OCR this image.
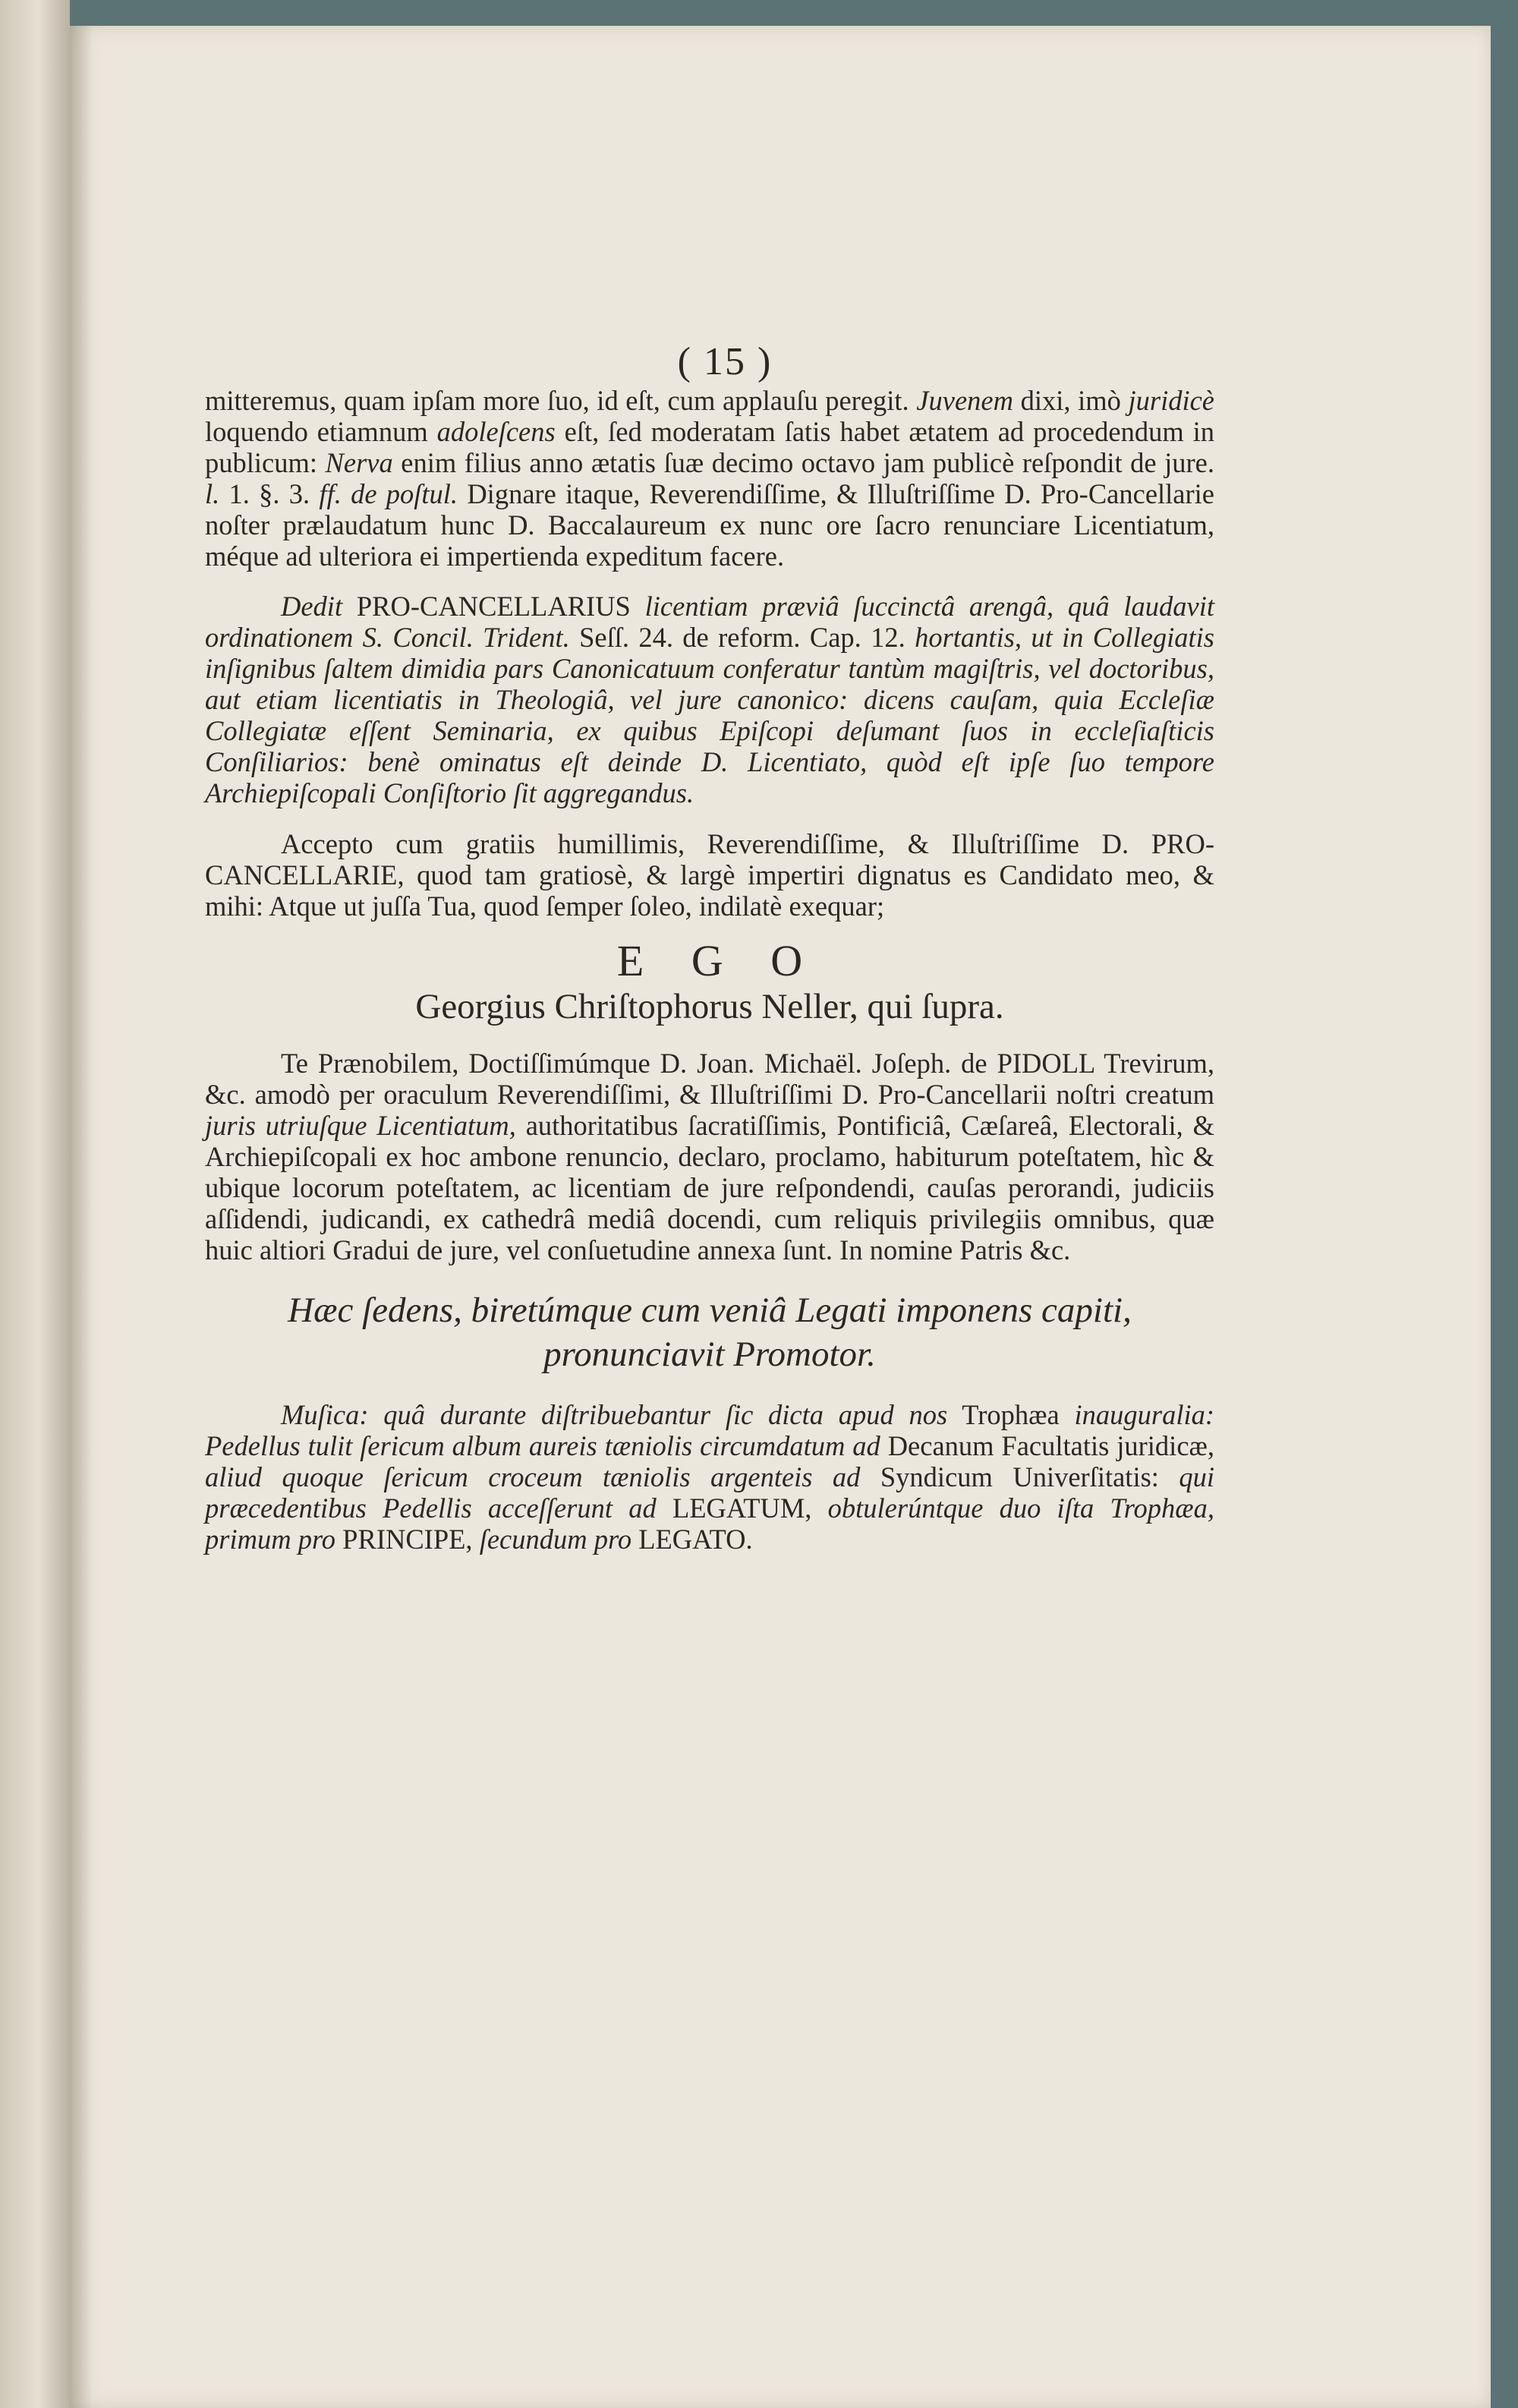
( 15 )

mitteremus, quam ipſam more ſuo, id eſt, cum applauſu peregit. Juvenem dixi, imò juridicè loquendo etiamnum adoleſcens eſt, ſed moderatam ſatis habet ætatem ad procedendum in publicum: Nerva enim filius anno ætatis ſuæ decimo octavo jam publicè reſpondit de jure. l. 1. §. 3. ff. de poſtul. Dignare itaque, Reverendiſſime, & Illuſtriſſime D. Pro-Cancellarie noſter prælaudatum hunc D. Baccalaureum ex nunc ore ſacro renunciare Licentiatum, méque ad ulteriora ei impertienda expeditum facere.

Dedit PRO-CANCELLARIUS licentiam præviâ ſuccinctâ arengâ, quâ laudavit ordinationem S. Concil. Trident. Seſſ. 24. de reform. Cap. 12. hortantis, ut in Collegiatis inſignibus ſaltem dimidia pars Canonicatuum conferatur tantùm magiſtris, vel doctoribus, aut etiam licentiatis in Theologiâ, vel jure canonico: dicens cauſam, quia Eccleſiæ Collegiatæ eſſent Seminaria, ex quibus Epiſcopi deſumant ſuos in eccleſiaſticis Conſiliarios: benè ominatus eſt deinde D. Licentiato, quòd eſt ipſe ſuo tempore Archiepiſcopali Conſiſtorio ſit aggregandus.

Accepto cum gratiis humillimis, Reverendiſſime, & Illuſtriſſime D. PRO-CANCELLARIE, quod tam gratiosè, & largè impertiri dignatus es Candidato meo, & mihi: Atque ut juſſa Tua, quod ſemper ſoleo, indilatè exequar;

E G O
Georgius Chriſtophorus Neller, qui ſupra.

Te Prænobilem, Doctiſſimúmque D. Joan. Michaël. Joſeph. de PIDOLL Trevirum, &c. amodò per oraculum Reverendiſſimi, & Illuſtriſſimi D. Pro-Cancellarii noſtri creatum juris utriuſque Licentiatum, authoritatibus ſacratiſſimis, Pontificiâ, Cæſareâ, Electorali, & Archiepiſcopali ex hoc ambone renuncio, declaro, proclamo, habiturum poteſtatem, hìc & ubique locorum poteſtatem, ac licentiam de jure reſpondendi, cauſas perorandi, judiciis aſſidendi, judicandi, ex cathedrâ mediâ docendi, cum reliquis privilegiis omnibus, quæ huic altiori Gradui de jure, vel conſuetudine annexa ſunt. In nomine Patris &c.

Hæc ſedens, biretúmque cum veniâ Legati imponens capiti,
pronunciavit Promotor.

Muſica: quâ durante diſtribuebantur ſic dicta apud nos Trophæa inauguralia: Pedellus tulit ſericum album aureis tæniolis circumdatum ad Decanum Facultatis juridicæ, aliud quoque ſericum croceum tæniolis argenteis ad Syndicum Univerſitatis: qui præcedentibus Pedellis acceſſerunt ad LEGATUM, obtulerúntque duo iſta Trophæa, primum pro PRINCIPE, ſecundum pro LEGATO.
